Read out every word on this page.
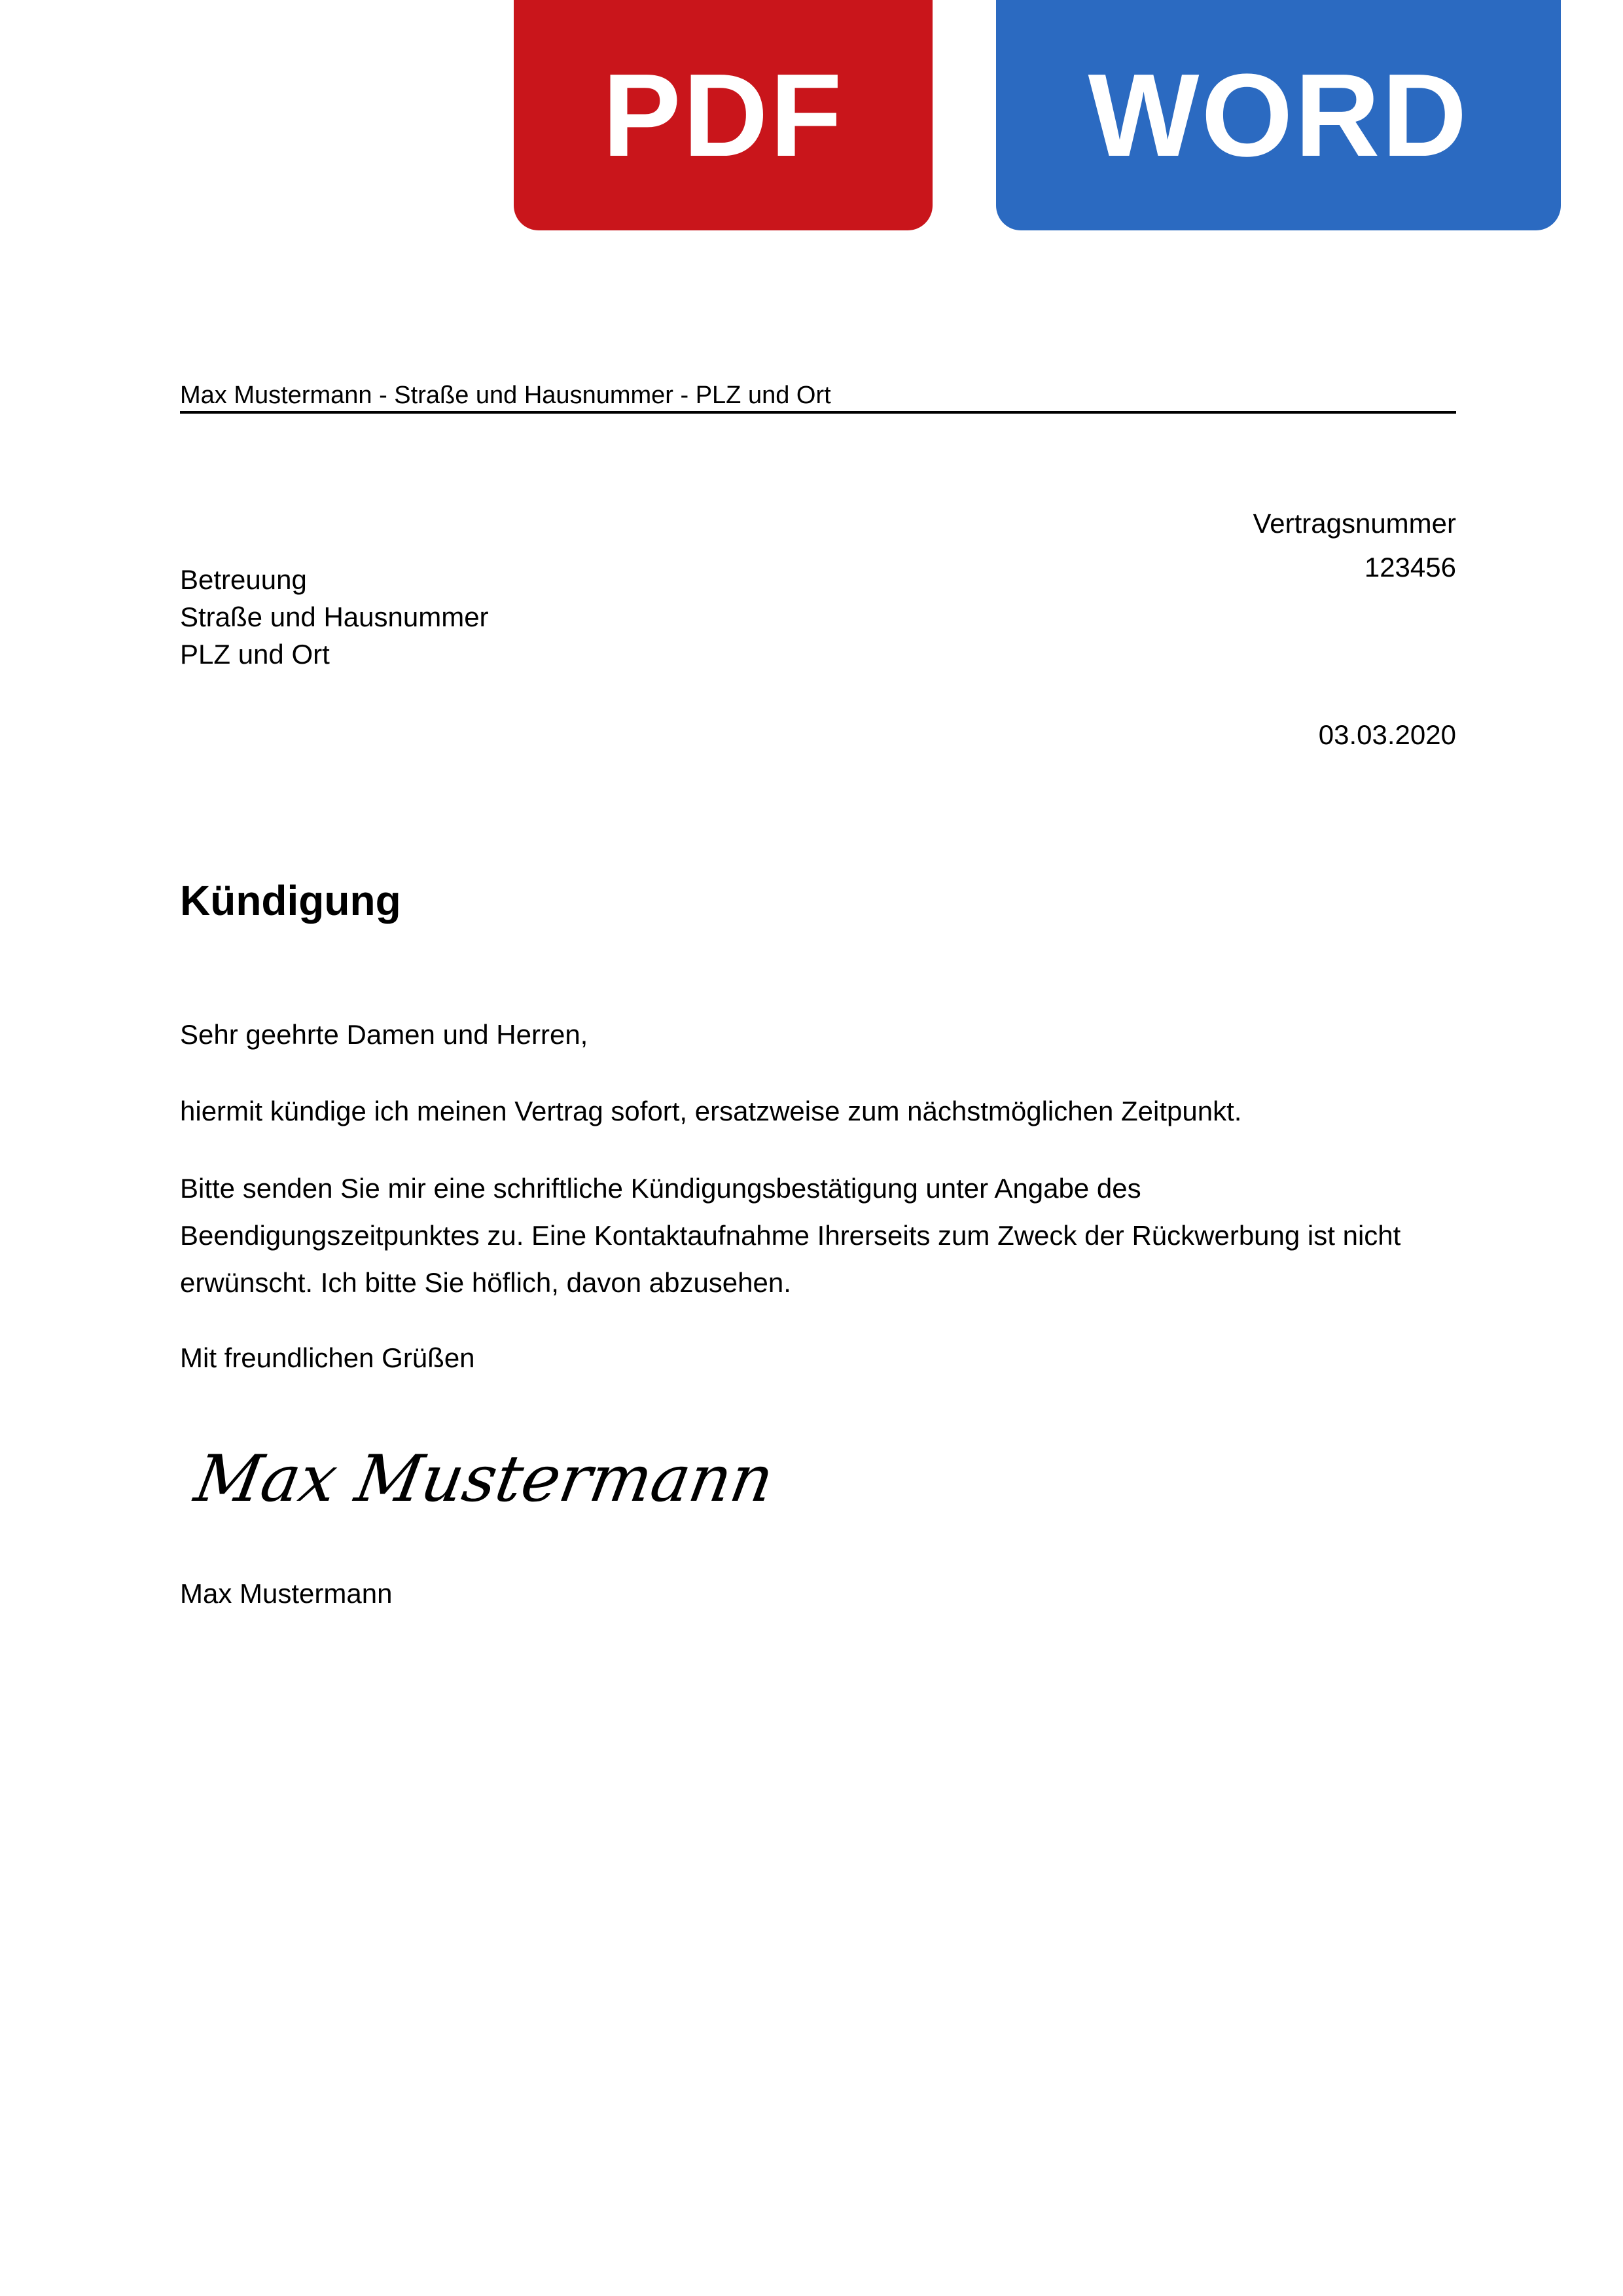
PDF	WORD
Max Mustermann - Straße und Hausnummer - PLZ und Ort
Vertragsnummer
123456
Betreuung
Straße und Hausnummer
PLZ und Ort
03.03.2020
Kündigung
Sehr geehrte Damen und Herren,
hiermit kündige ich meinen Vertrag sofort, ersatzweise zum nächstmöglichen Zeitpunkt.
Bitte senden Sie mir eine schriftliche Kündigungsbestätigung unter Angabe des
Beendigungszeitpunktes zu. Eine Kontaktaufnahme Ihrerseits zum Zweck der Rückwerbung ist nicht
erwünscht. Ich bitte Sie höflich, davon abzusehen.
Mit freundlichen Grüßen
Max Mustermann
Max Mustermann
